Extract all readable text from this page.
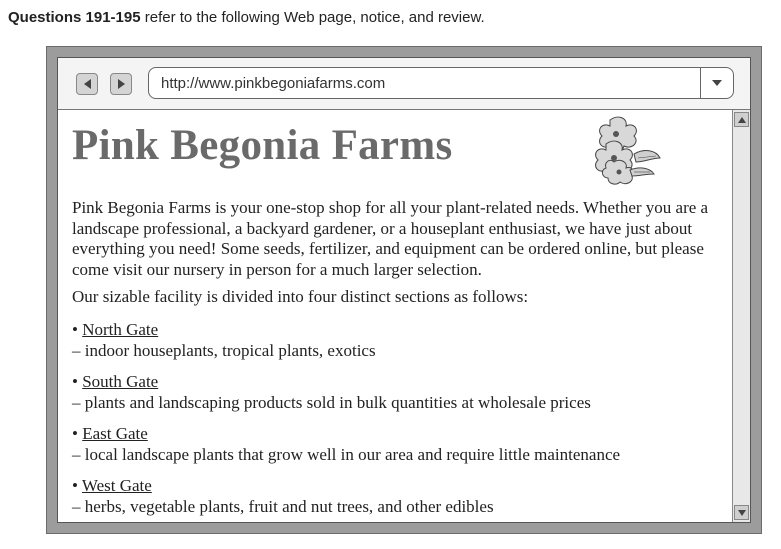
Questions 191-195 refer to the following Web page, notice, and review.
http://www.pinkbegoniafarms.com
Pink Begonia Farms

Pink Begonia Farms is your one-stop shop for all your plant-related needs. Whether you are a landscape professional, a backyard gardener, or a houseplant enthusiast, we have just about everything you need! Some seeds, fertilizer, and equipment can be ordered online, but please come visit our nursery in person for a much larger selection.

Our sizable facility is divided into four distinct sections as follows:

• North Gate
– indoor houseplants, tropical plants, exotics
• South Gate
– plants and landscaping products sold in bulk quantities at wholesale prices
• East Gate
– local landscape plants that grow well in our area and require little maintenance
• West Gate
– herbs, vegetable plants, fruit and nut trees, and other edibles
